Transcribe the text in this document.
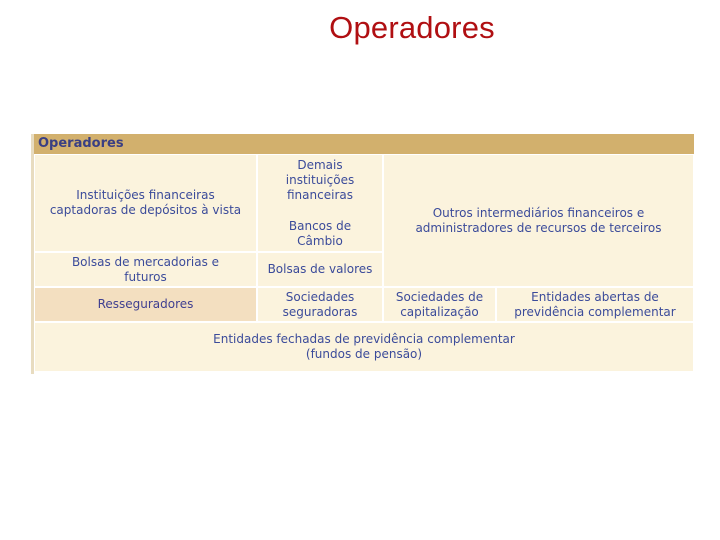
Operadores
Operadores
Instituições financeiras
captadoras de depósitos à vista
Demais
instituições
financeiras
Bancos de
Câmbio
Outros intermediários financeiros e
administradores de recursos de terceiros
Bolsas de mercadorias e
futuros
Bolsas de valores
Resseguradores
Sociedades
seguradoras
Sociedades de
capitalização
Entidades abertas de
previdência complementar
Entidades fechadas de previdência complementar
(fundos de pensão)
